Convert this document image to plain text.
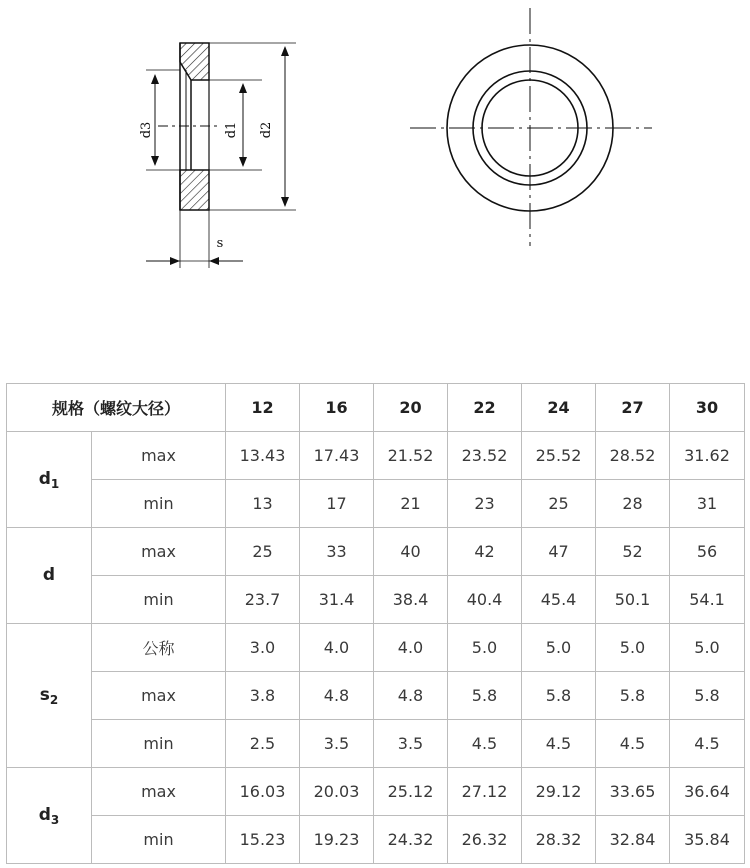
d3	d1 d2
s
规格（螺纹大径）		12	16	20	22	24	27	30
$d_1$	max	13.43	17.43	21.52	23.52	25.52	28.52	31.62
	min	13	17	21	23	25	28	31
d	max	25	33	40	42	47	52	56
	min	23.7	31.4	38.4	40.4	45.4	50.1	54.1
$s_2$	公称	3.0	4.0	4.0	5.0	5.0	5.0	5.0
	max	3.8	4.8	4.8	5.8	5.8	5.8	5.8
	min	2.5	3.5	3.5	4.5	4.5	4.5	4.5
$d_3$	max	16.03	20.03	25.12	27.12	29.12	33.65	36.64
	min	15.23	19.23	24.32	26.32	28.32	32.84	35.84
